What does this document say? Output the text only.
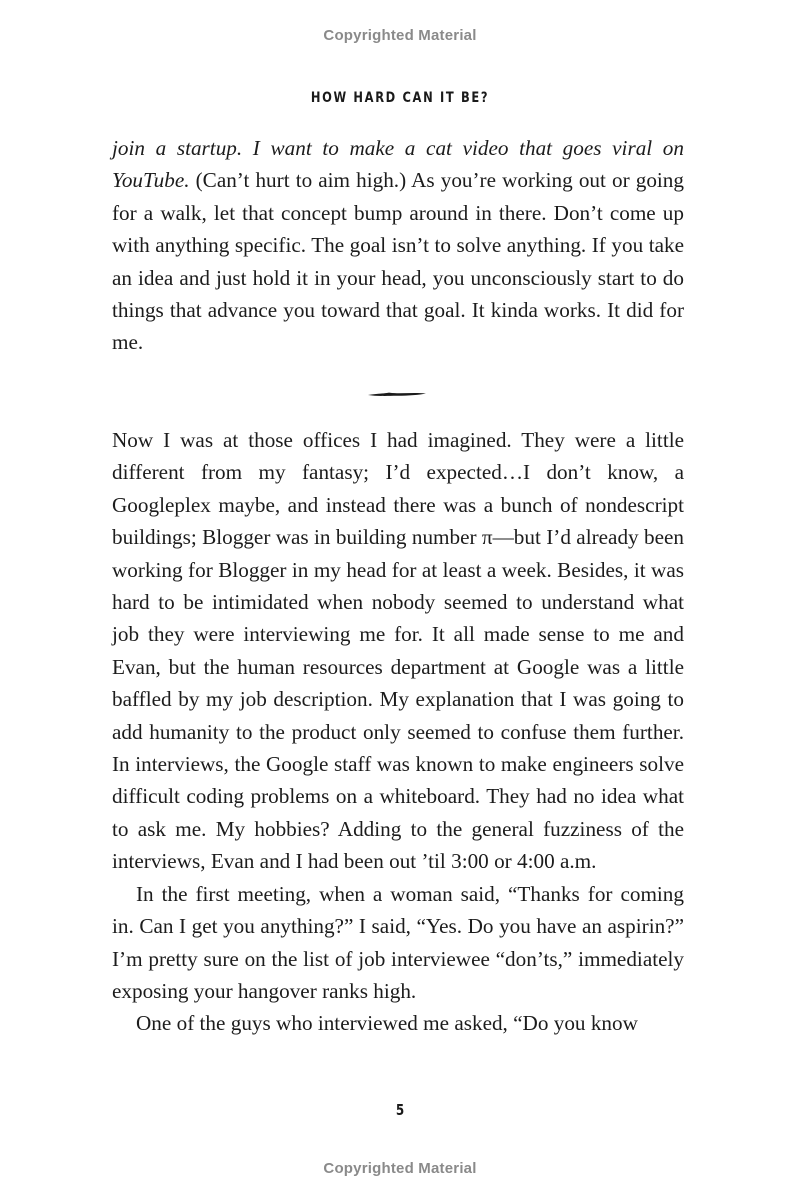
Copyrighted Material
HOW HARD CAN IT BE?

join a startup. I want to make a cat video that goes viral on YouTube. (Can’t hurt to aim high.) As you’re working out or going for a walk, let that concept bump around in there. Don’t come up with anything specific. The goal isn’t to solve anything. If you take an idea and just hold it in your head, you unconsciously start to do things that advance you toward that goal. It kinda works. It did for me.

Now I was at those offices I had imagined. They were a little different from my fantasy; I’d expected…I don’t know, a Googleplex maybe, and instead there was a bunch of nondescript buildings; Blogger was in building number π—but I’d already been working for Blogger in my head for at least a week. Besides, it was hard to be intimidated when nobody seemed to understand what job they were interviewing me for. It all made sense to me and Evan, but the human resources department at Google was a little baffled by my job description. My explanation that I was going to add humanity to the product only seemed to confuse them further. In interviews, the Google staff was known to make engineers solve difficult coding problems on a whiteboard. They had no idea what to ask me. My hobbies? Adding to the general fuzziness of the interviews, Evan and I had been out ’til 3:00 or 4:00 a.m.

In the first meeting, when a woman said, “Thanks for coming in. Can I get you anything?” I said, “Yes. Do you have an aspirin?” I’m pretty sure on the list of job interviewee “don’ts,” immediately exposing your hangover ranks high.

One of the guys who interviewed me asked, “Do you know

5
Copyrighted Material
